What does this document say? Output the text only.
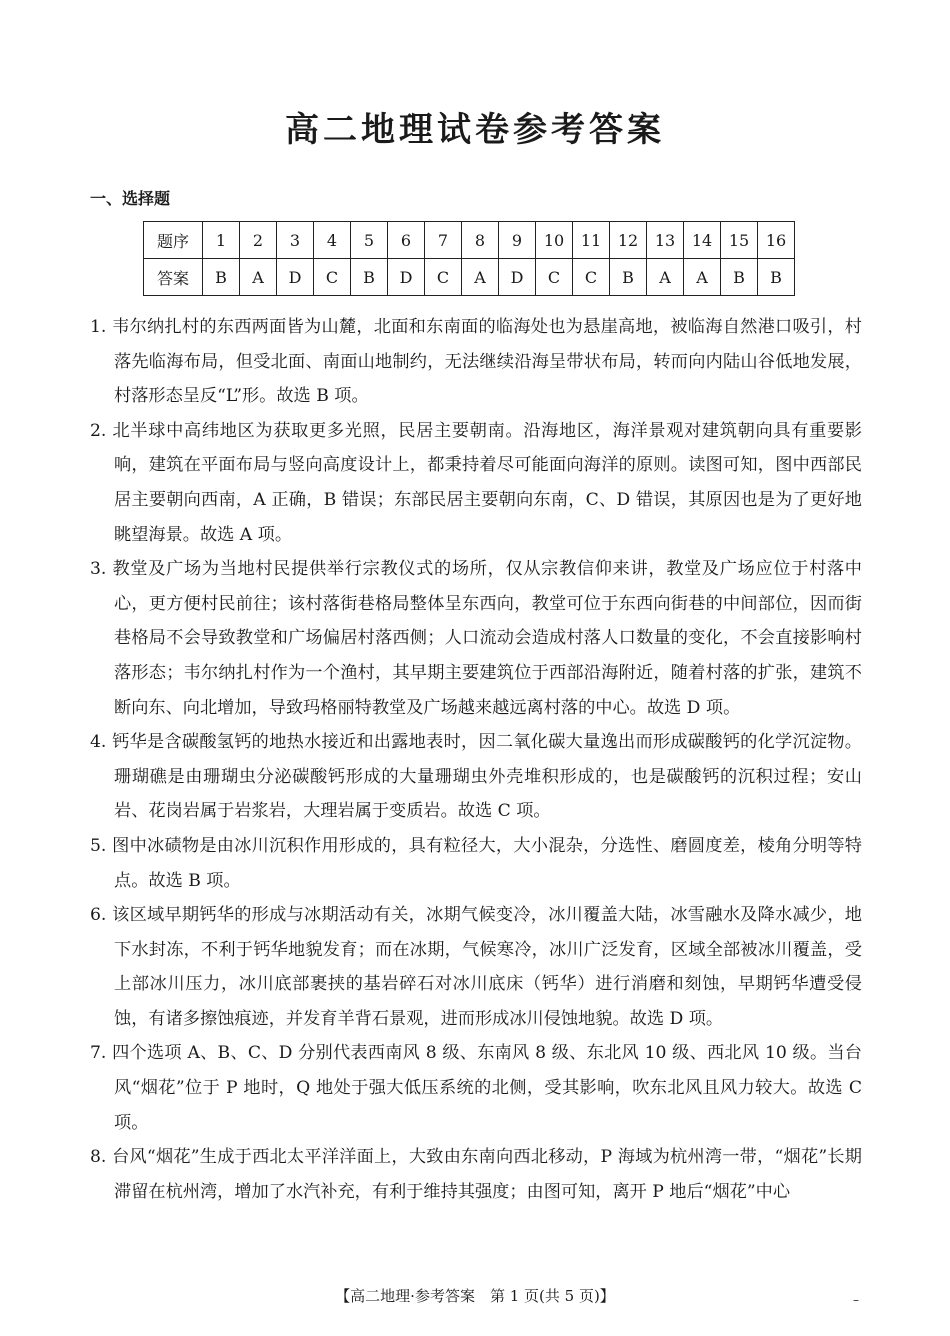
高二地理试卷参考答案
一、选择题
题序	1	2	3	4	5	6	7	8	9	10	11	12	13	14	15	16
答案	B	A	D	C	B	D	C	A	D	C	C	B	A	A	B	B

1. 韦尔纳扎村的东西两面皆为山麓，北面和东南面的临海处也为悬崖高地，被临海自然港口吸引，村落先临海布局，但受北面、南面山地制约，无法继续沿海呈带状布局，转而向内陆山谷低地发展，村落形态呈反“L”形。故选 B 项。

2. 北半球中高纬地区为获取更多光照，民居主要朝南。沿海地区，海洋景观对建筑朝向具有重要影响，建筑在平面布局与竖向高度设计上，都秉持着尽可能面向海洋的原则。读图可知，图中西部民居主要朝向西南，A 正确，B 错误；东部民居主要朝向东南，C、D 错误，其原因也是为了更好地眺望海景。故选 A 项。

3. 教堂及广场为当地村民提供举行宗教仪式的场所，仅从宗教信仰来讲，教堂及广场应位于村落中心，更方便村民前往；该村落街巷格局整体呈东西向，教堂可位于东西向街巷的中间部位，因而街巷格局不会导致教堂和广场偏居村落西侧；人口流动会造成村落人口数量的变化，不会直接影响村落形态；韦尔纳扎村作为一个渔村，其早期主要建筑位于西部沿海附近，随着村落的扩张，建筑不断向东、向北增加，导致玛格丽特教堂及广场越来越远离村落的中心。故选 D 项。

4. 钙华是含碳酸氢钙的地热水接近和出露地表时，因二氧化碳大量逸出而形成碳酸钙的化学沉淀物。珊瑚礁是由珊瑚虫分泌碳酸钙形成的大量珊瑚虫外壳堆积形成的，也是碳酸钙的沉积过程；安山岩、花岗岩属于岩浆岩，大理岩属于变质岩。故选 C 项。

5. 图中冰碛物是由冰川沉积作用形成的，具有粒径大，大小混杂，分选性、磨圆度差，棱角分明等特点。故选 B 项。

6. 该区域早期钙华的形成与冰期活动有关，冰期气候变冷，冰川覆盖大陆，冰雪融水及降水减少，地下水封冻，不利于钙华地貌发育；而在冰期，气候寒冷，冰川广泛发育，区域全部被冰川覆盖，受上部冰川压力，冰川底部裹挟的基岩碎石对冰川底床（钙华）进行消磨和刻蚀，早期钙华遭受侵蚀，有诸多擦蚀痕迹，并发育羊背石景观，进而形成冰川侵蚀地貌。故选 D 项。

7. 四个选项 A、B、C、D 分别代表西南风 8 级、东南风 8 级、东北风 10 级、西北风 10 级。当台风“烟花”位于 P 地时，Q 地处于强大低压系统的北侧，受其影响，吹东北风且风力较大。故选 C 项。

8. 台风“烟花”生成于西北太平洋洋面上，大致由东南向西北移动，P 海域为杭州湾一带，“烟花”长期滞留在杭州湾，增加了水汽补充，有利于维持其强度；由图可知，离开 P 地后“烟花”中心

【高二地理·参考答案　第 1 页(共 5 页)】	–
